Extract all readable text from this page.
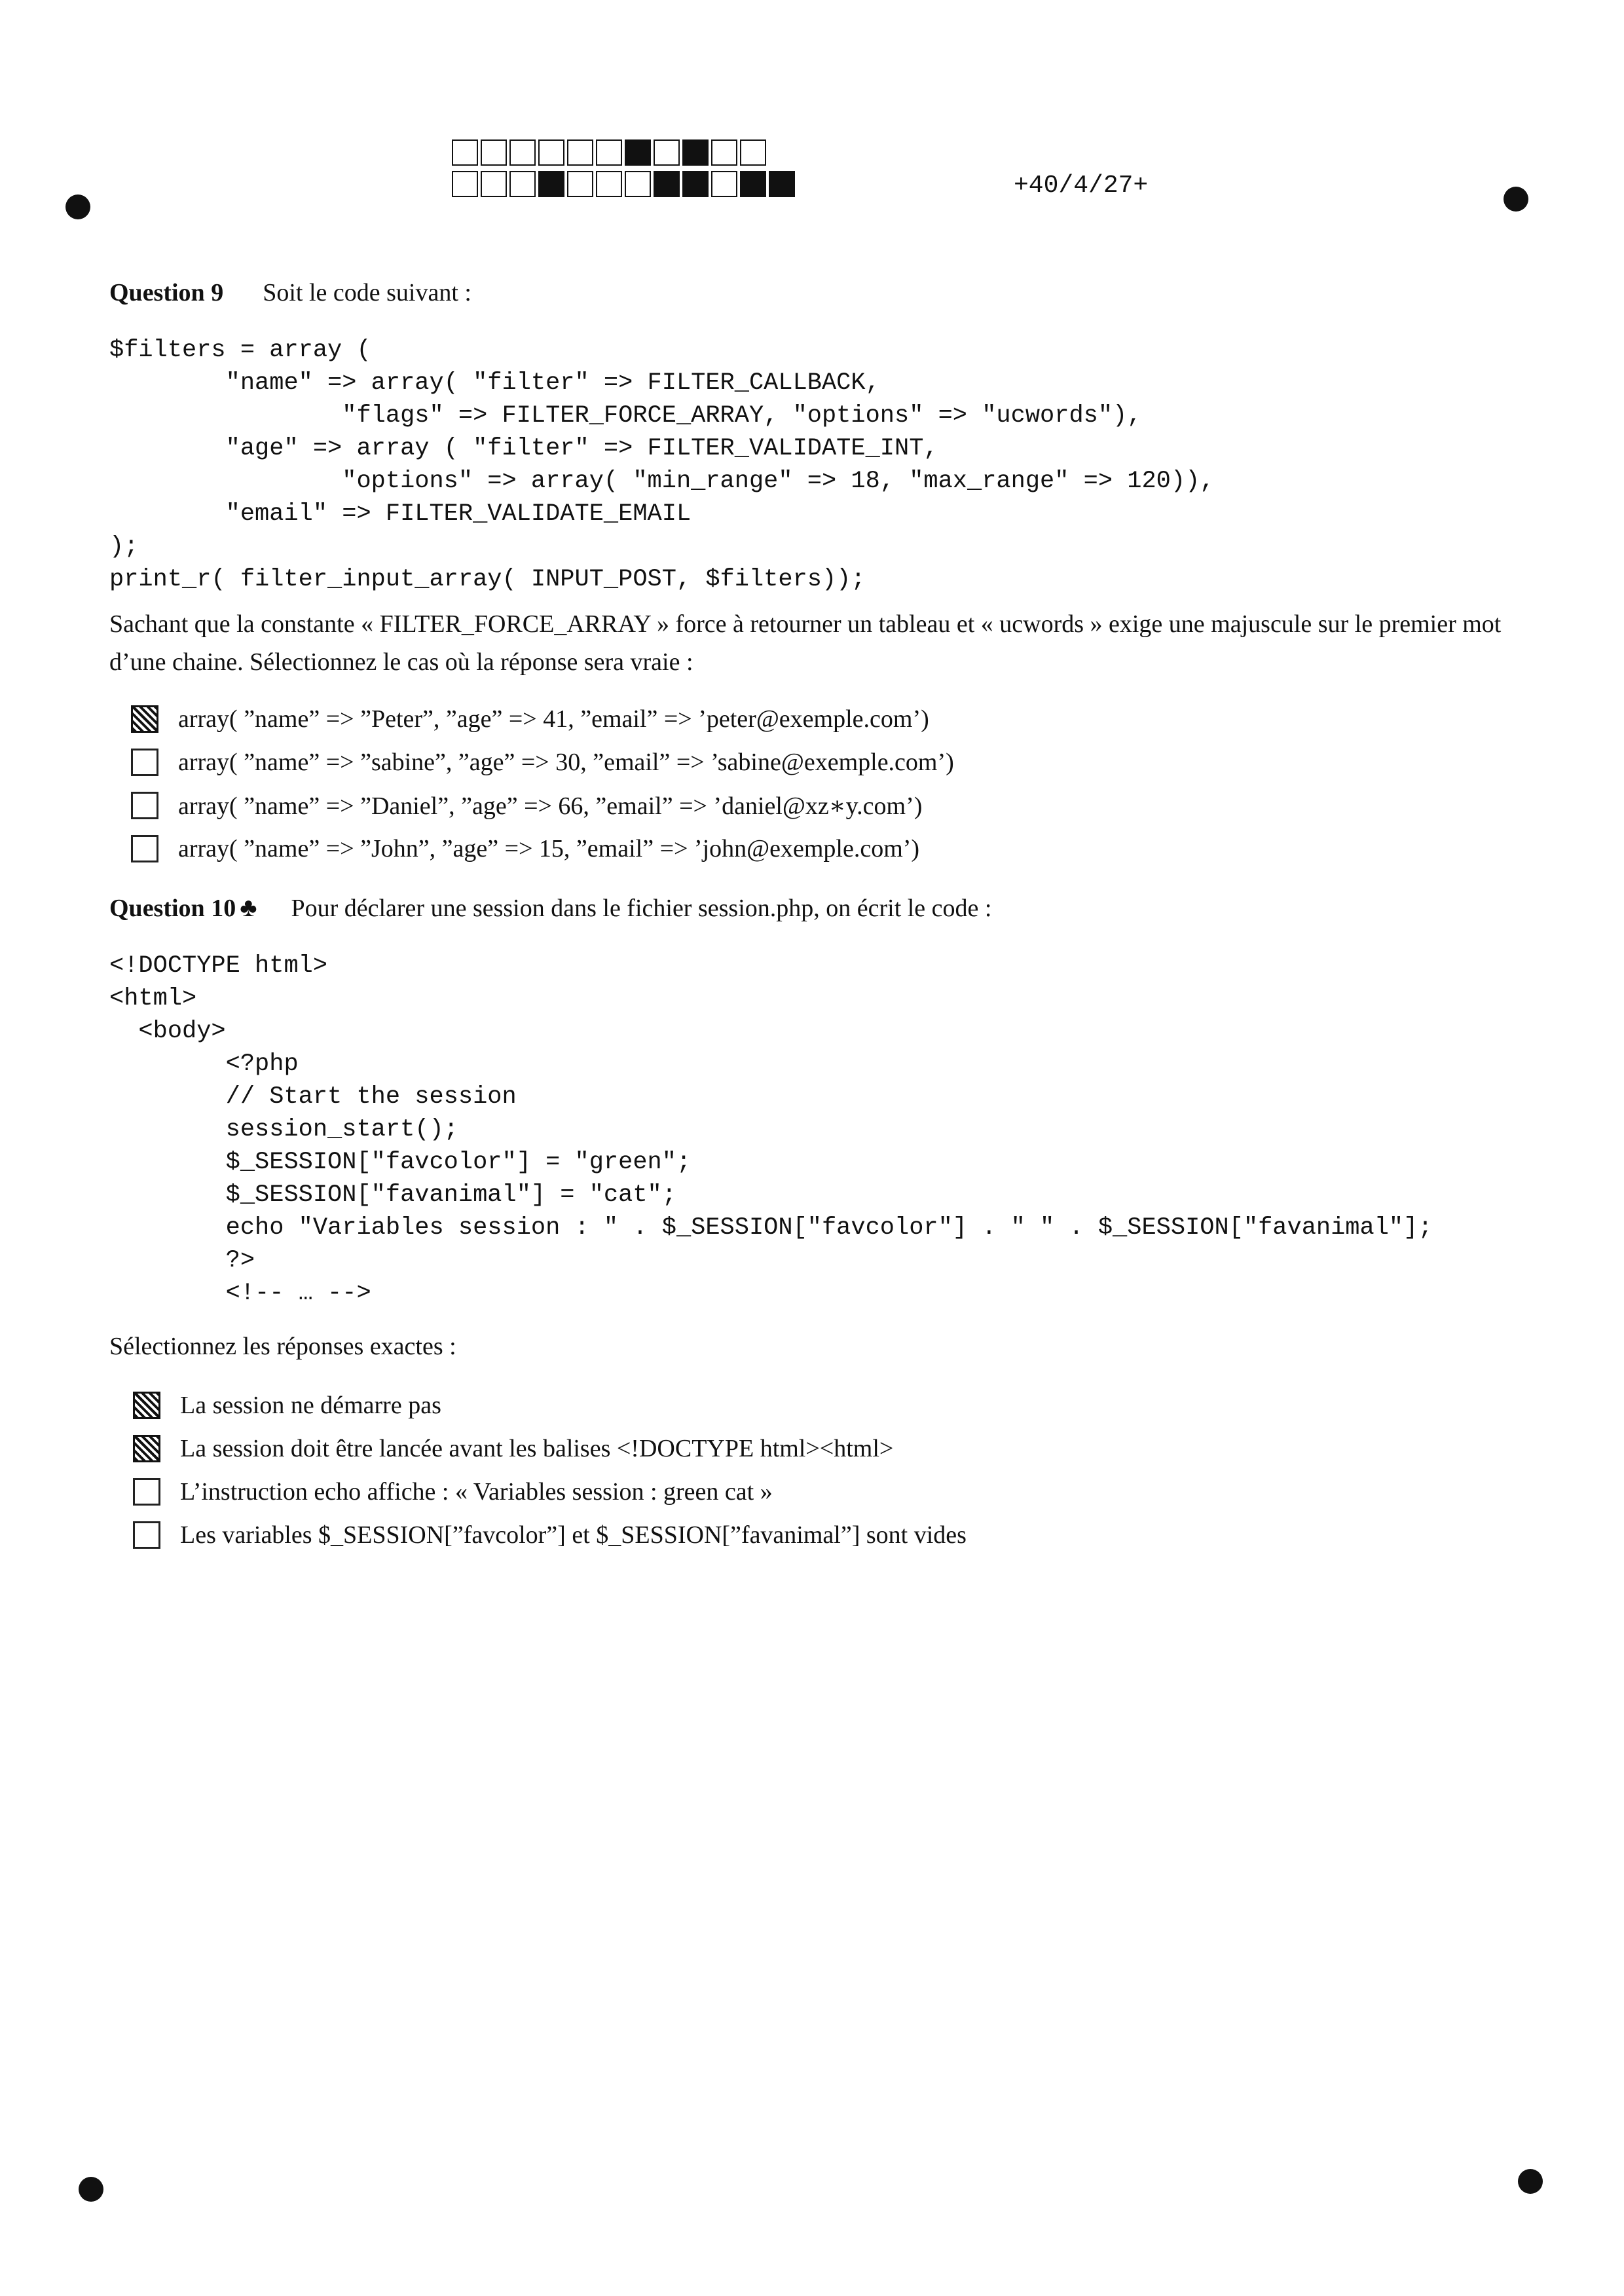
+40/4/27+
Question 9 Soit le code suivant :
$filters = array (
"name" => array( "filter" => FILTER_CALLBACK,
"flags" => FILTER_FORCE_ARRAY, "options" => "ucwords"),
"age" => array ( "filter" => FILTER_VALIDATE_INT,
"options" => array( "min_range" => 18, "max_range" => 120)),
"email" => FILTER_VALIDATE_EMAIL
);
print_r( filter_input_array( INPUT_POST, $filters));
Sachant que la constante « FILTER_FORCE_ARRAY » force à retourner un tableau et « ucwords » exige une majuscule sur le premier mot d’une chaine. Sélectionnez le cas où la réponse sera vraie :
array( ”name” => ”Peter”, ”age” => 41, ”email” => ’peter@exemple.com’)
array( ”name” => ”sabine”, ”age” => 30, ”email” => ’sabine@exemple.com’)
array( ”name” => ”Daniel”, ”age” => 66, ”email” => ’daniel@xz∗y.com’)
array( ”name” => ”John”, ”age” => 15, ”email” => ’john@exemple.com’)
Question 10 ♣ Pour déclarer une session dans le fichier session.php, on écrit le code :
<!DOCTYPE html>
<html>
<body>
<?php
// Start the session
session_start();
$_SESSION["favcolor"] = "green";
$_SESSION["favanimal"] = "cat";
echo "Variables session : " . $_SESSION["favcolor"] . " " . $_SESSION["favanimal"];
?>
<!-- … -->
Sélectionnez les réponses exactes :
La session ne démarre pas
La session doit être lancée avant les balises <!DOCTYPE html><html>
L’instruction echo affiche : « Variables session : green cat »
Les variables $_SESSION[”favcolor”] et $_SESSION[”favanimal”] sont vides
